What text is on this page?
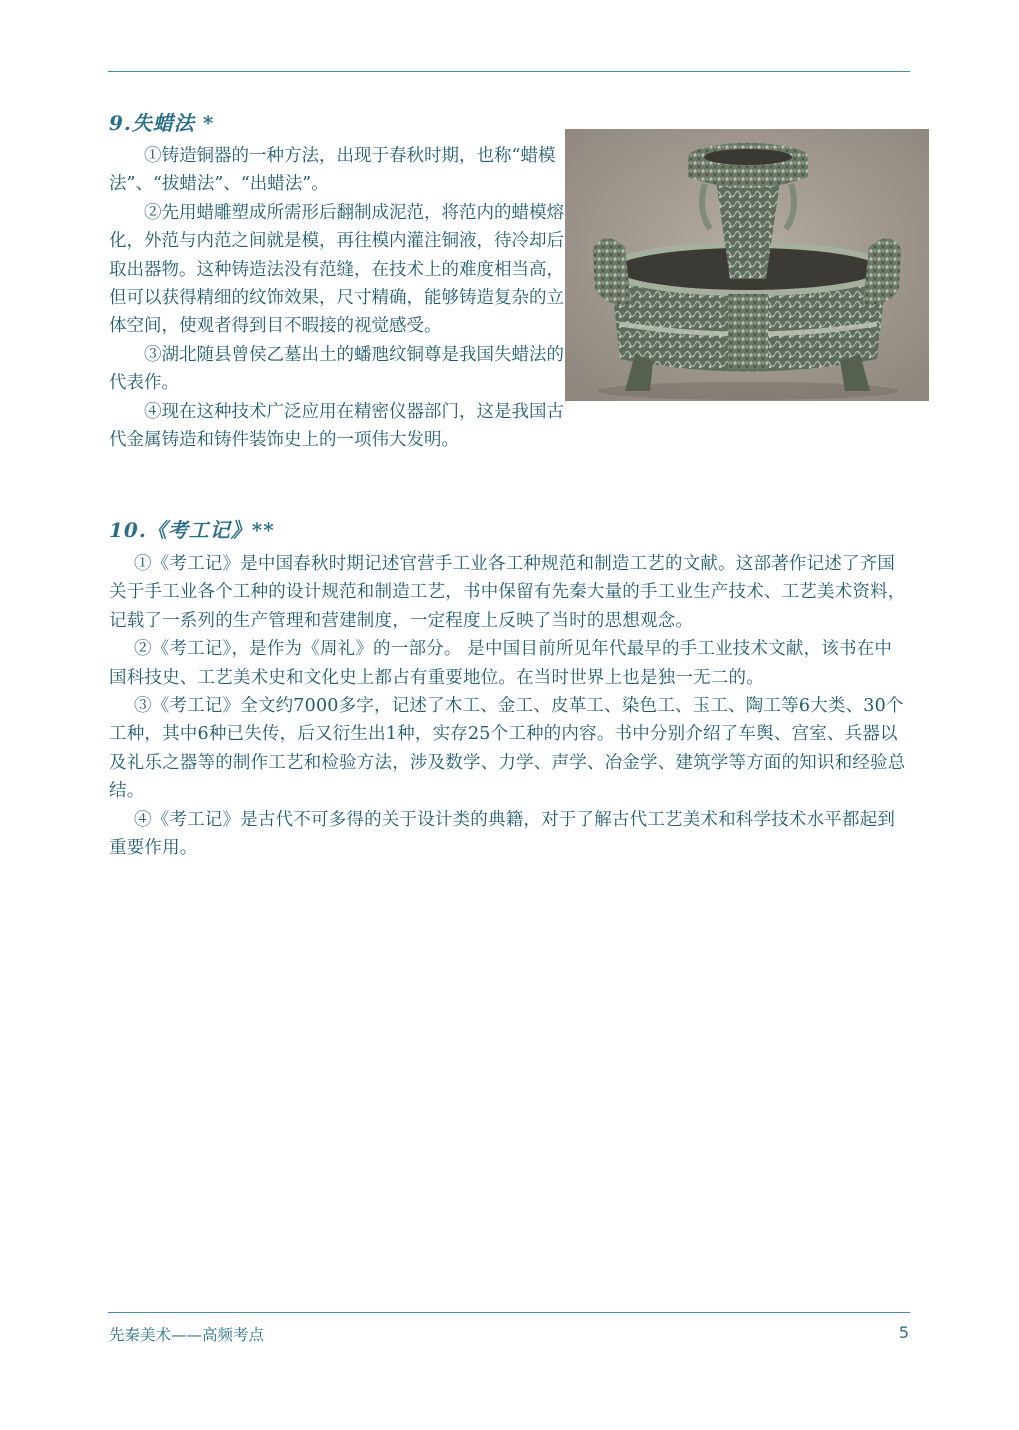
9.失蜡法 *

①铸造铜器的一种方法，出现于春秋时期，也称“蜡模法”、“拔蜡法”、“出蜡法”。

②先用蜡雕塑成所需形后翻制成泥范，将范内的蜡模熔化，外范与内范之间就是模，再往模内灌注铜液，待冷却后取出器物。这种铸造法没有范缝，在技术上的难度相当高，但可以获得精细的纹饰效果，尺寸精确，能够铸造复杂的立体空间，使观者得到目不暇接的视觉感受。

③湖北随县曾侯乙墓出土的蟠虺纹铜尊是我国失蜡法的代表作。

④现在这种技术广泛应用在精密仪器部门，这是我国古代金属铸造和铸件装饰史上的一项伟大发明。

10.《考工记》**

①《考工记》是中国春秋时期记述官营手工业各工种规范和制造工艺的文献。这部著作记述了齐国关于手工业各个工种的设计规范和制造工艺，书中保留有先秦大量的手工业生产技术、工艺美术资料，记载了一系列的生产管理和营建制度，一定程度上反映了当时的思想观念。

②《考工记》，是作为《周礼》的一部分。 是中国目前所见年代最早的手工业技术文献，该书在中国科技史、工艺美术史和文化史上都占有重要地位。在当时世界上也是独一无二的。

③《考工记》全文约7000多字，记述了木工、金工、皮革工、染色工、玉工、陶工等6大类、30个工种，其中6种已失传，后又衍生出1种，实存25个工种的内容。书中分别介绍了车舆、宫室、兵器以及礼乐之器等的制作工艺和检验方法，涉及数学、力学、声学、冶金学、建筑学等方面的知识和经验总结。

④《考工记》是古代不可多得的关于设计类的典籍，对于了解古代工艺美术和科学技术水平都起到重要作用。

先秦美术——高频考点	5
